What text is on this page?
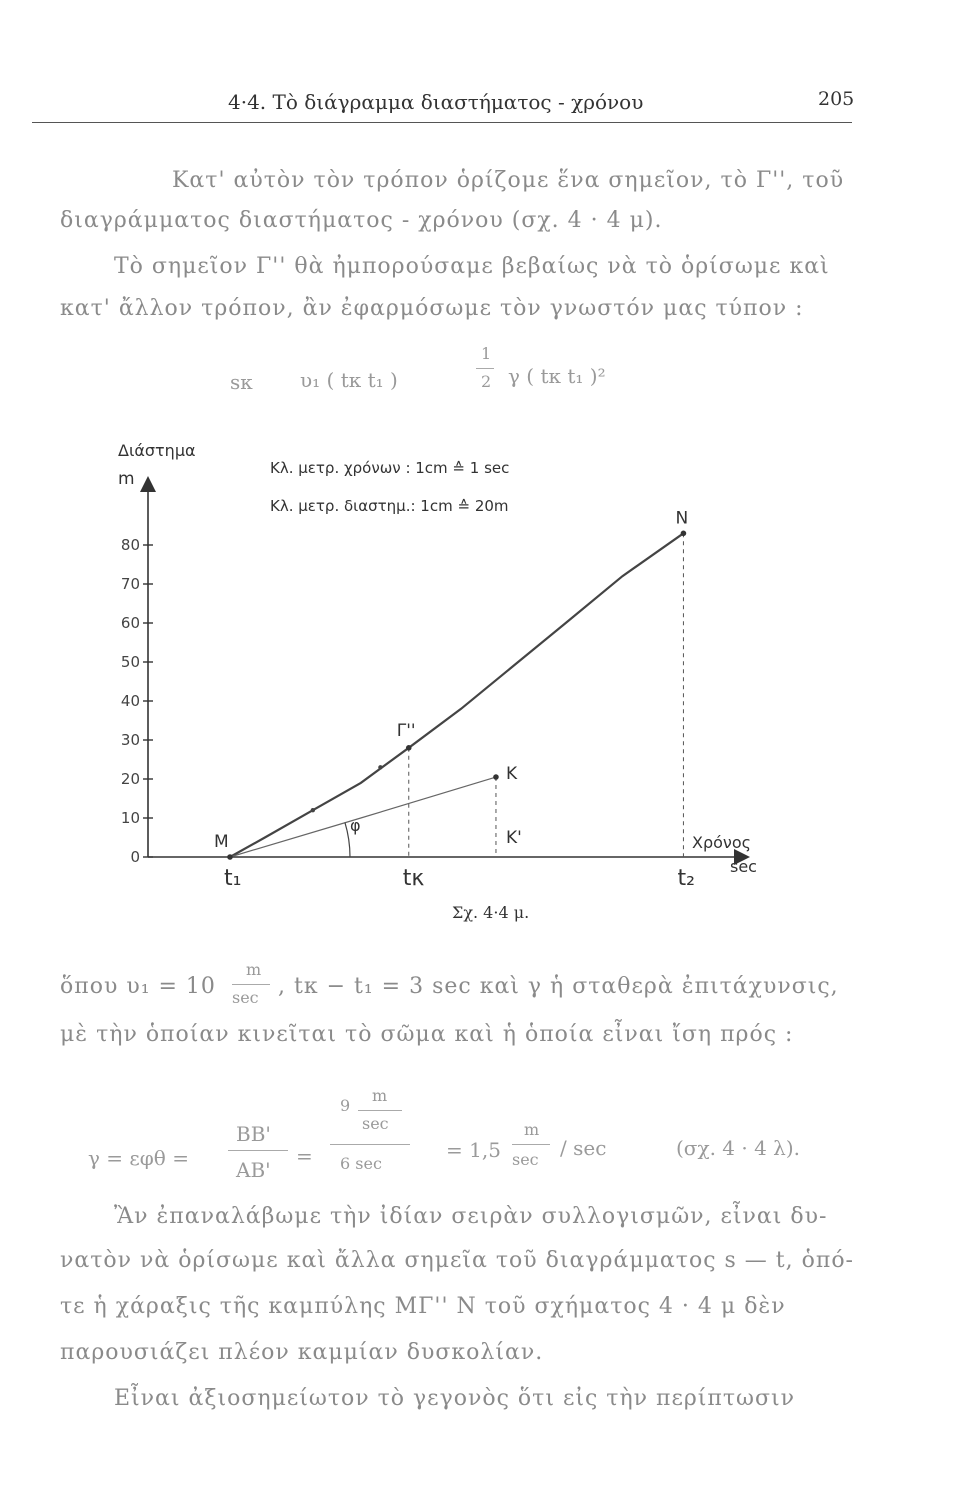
4·4. Τὸ διάγραμμα διαστήματος - χρόνου	205
Κατ' αὐτὸν τὸν τρόπον ὁρίζομε ἕνα σημεῖον, τὸ Γ'', τοῦ
διαγράμματος διαστήματος - χρόνου (σχ. 4 · 4 μ).
Τὸ σημεῖον Γ'' θὰ ἠμπορούσαμε βεβαίως νὰ τὸ ὁρίσωμε καὶ
κατ' ἄλλον τρόπον, ἂν ἐφαρμόσωμε τὸν γνωστόν μας τύπον :
sκ υ₁ ( tκ t₁ )
1
2 γ ( tκ t₁ )²
Διάστημα
m
Κλ. μετρ. χρόνων : 1cm ≙ 1 sec
Κλ. μετρ. διαστημ.: 1cm ≙ 20m
Χρόνος
sec
0
10
20
30
40
50
60
70
80
M
Γ''
K
K'
N
φ
t₁	tκ	t₂
Σχ. 4·4 μ.
ὅπου υ₁ = 10
m
sec , tκ − t₁ = 3 sec καὶ γ ἡ σταθερὰ ἐπιτάχυνσις,
μὲ τὴν ὁποίαν κινεῖται τὸ σῶμα καὶ ἡ ὁποία εἶναι ἴση πρός :
γ = εφθ =
ΒΒ'
ΑΒ'
=
9
m
sec
6 sec
= 1,5
m
sec / sec	(σχ. 4 · 4 λ).
Ἂν ἐπαναλάβωμε τὴν ἰδίαν σειρὰν συλλογισμῶν, εἶναι δυ-
νατὸν νὰ ὁρίσωμε καὶ ἄλλα σημεῖα τοῦ διαγράμματος s — t, ὁπό-
τε ἡ χάραξις τῆς καμπύλης ΜΓ'' Ν τοῦ σχήματος 4 · 4 μ δὲν
παρουσιάζει πλέον καμμίαν δυσκολίαν.
Εἶναι ἀξιοσημείωτον τὸ γεγονὸς ὅτι εἰς τὴν περίπτωσιν
